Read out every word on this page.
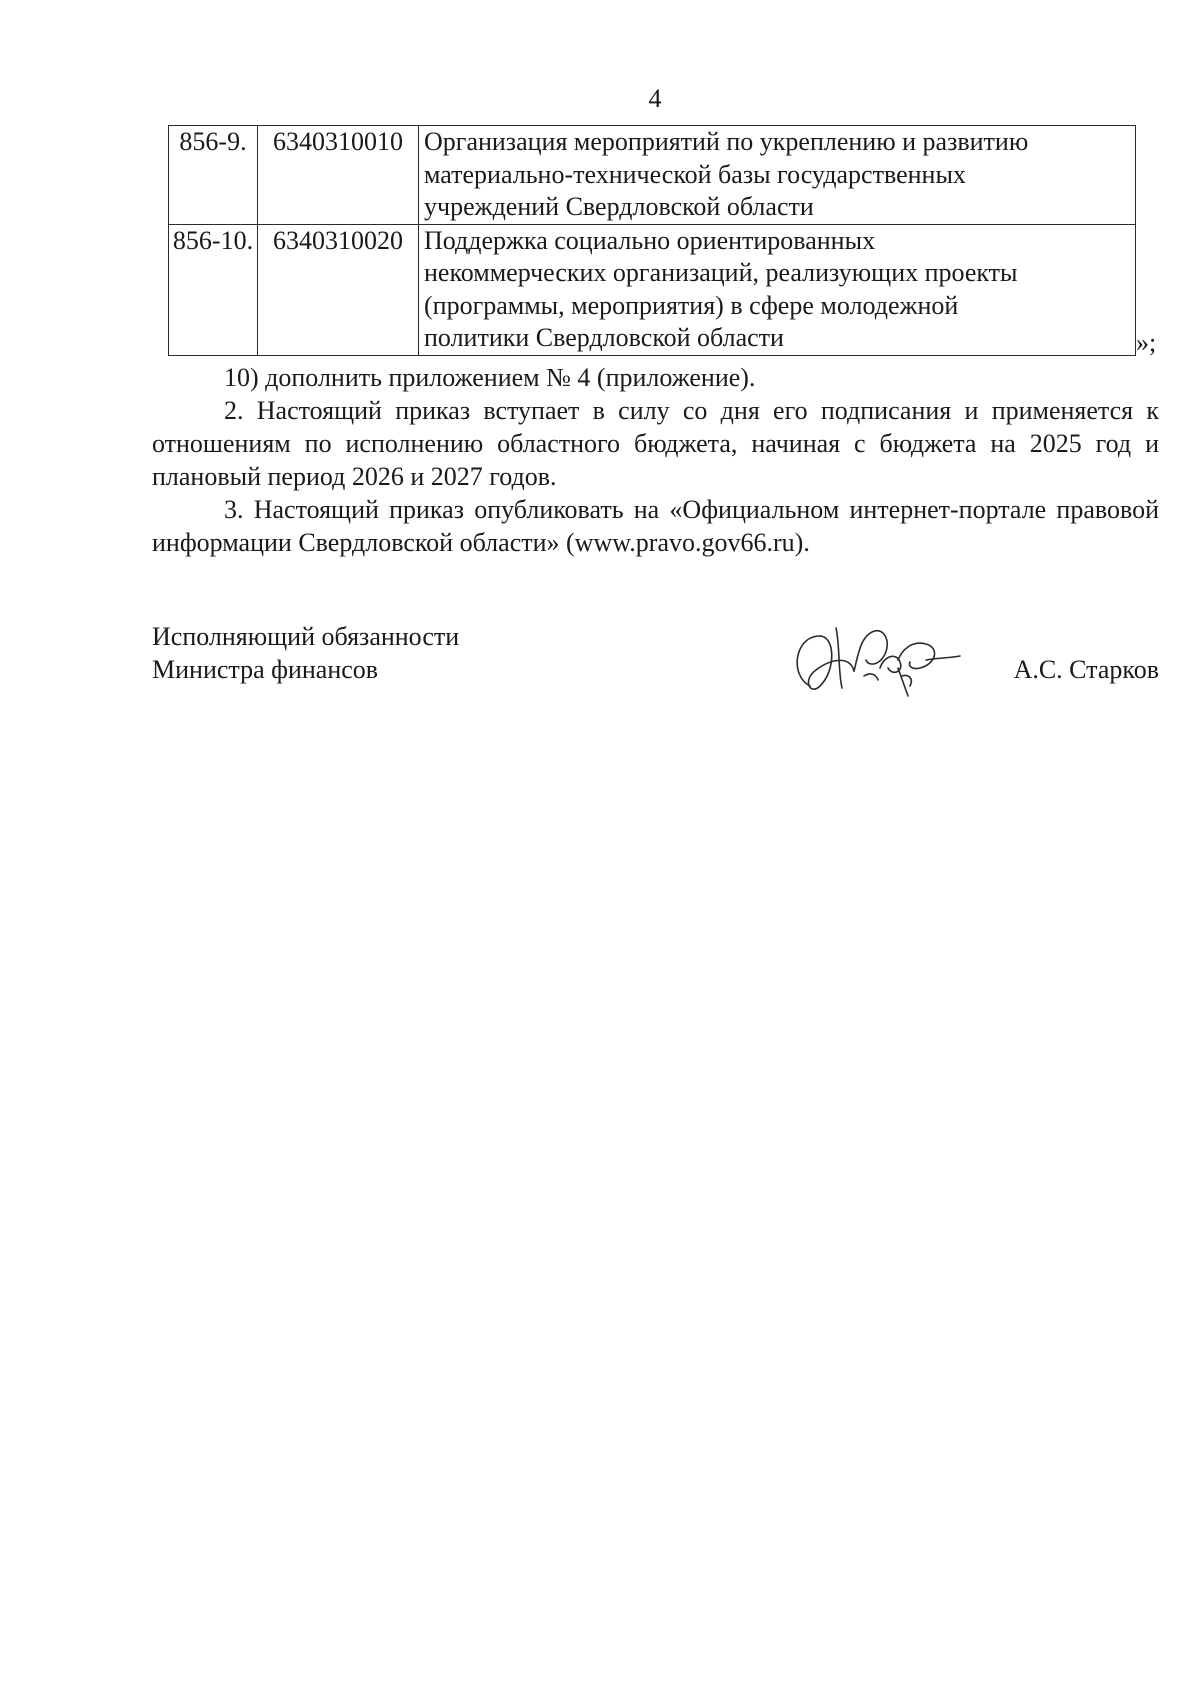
4
856-9.	6340310010	Организация мероприятий по укреплению и развитию
материально-технической базы государственных
учреждений Свердловской области

856-10.	6340310020	Поддержка социально ориентированных
некоммерческих организаций, реализующих проекты
(программы, мероприятия) в сфере молодежной
политики Свердловской области	»;

10) дополнить приложением № 4 (приложение).

2. Настоящий приказ вступает в силу со дня его подписания и применяется к отношениям по исполнению областного бюджета, начиная с бюджета на 2025 год и плановый период 2026 и 2027 годов.

3. Настоящий приказ опубликовать на «Официальном интернет-портале правовой информации Свердловской области» (www.pravo.gov66.ru).

Исполняющий обязанности
Министра финансов	А.С. Старков
